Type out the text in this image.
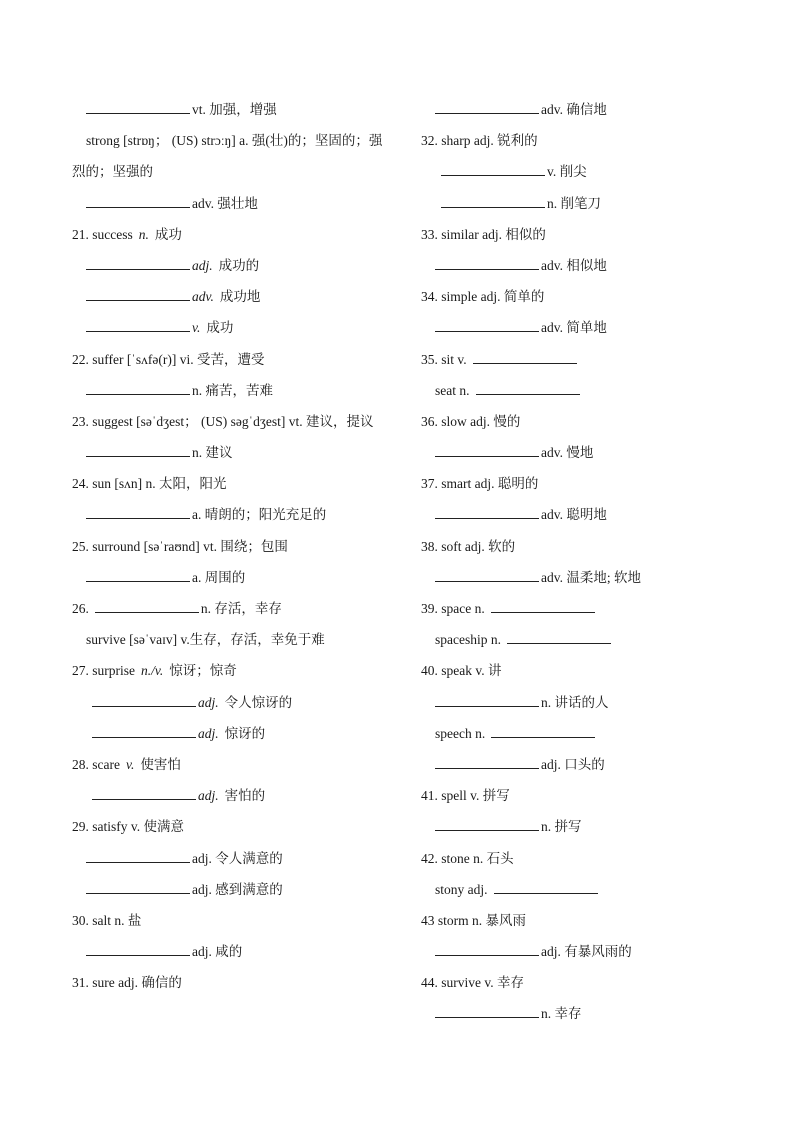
vt. 加强，增强
strong [strɒŋ； (US) strɔːŋ] a. 强(壮)的；坚固的；强烈的；坚强的
adv. 强壮地
21. success n. 成功
adj. 成功的
adv. 成功地
v. 成功
22. suffer [ˈsʌfə(r)] vi. 受苦，遭受
n. 痛苦，苦难
23. suggest [səˈdʒest； (US) səgˈdʒest] vt. 建议，提议
n. 建议
24. sun [sʌn] n. 太阳，阳光
a. 晴朗的；阳光充足的
25. surround [səˈraʊnd] vt. 围绕；包围
a. 周围的
26.	n. 存活，幸存
survive [səˈvaɪv] v.生存，存活，幸免于难
27. surprise n./v. 惊讶；惊奇
adj. 令人惊讶的
adj. 惊讶的
28. scare v. 使害怕
adj. 害怕的
29. satisfy v. 使满意
adj. 令人满意的
adj. 感到满意的
30. salt n. 盐
adj. 咸的
31. sure adj. 确信的
adv. 确信地
32. sharp adj. 锐利的
v. 削尖
n. 削笔刀
33. similar adj. 相似的
adv. 相似地
34. simple adj. 简单的
adv. 简单地
35. sit v.
seat n.
36. slow adj. 慢的
adv. 慢地
37. smart adj. 聪明的
adv. 聪明地
38. soft adj. 软的
adv. 温柔地; 软地
39. space n.
spaceship n.
40. speak v. 讲
n. 讲话的人
speech n.
adj. 口头的
41. spell v. 拼写
n. 拼写
42. stone n. 石头
stony adj.
43 storm n. 暴风雨
adj. 有暴风雨的
44. survive v. 幸存
n. 幸存
